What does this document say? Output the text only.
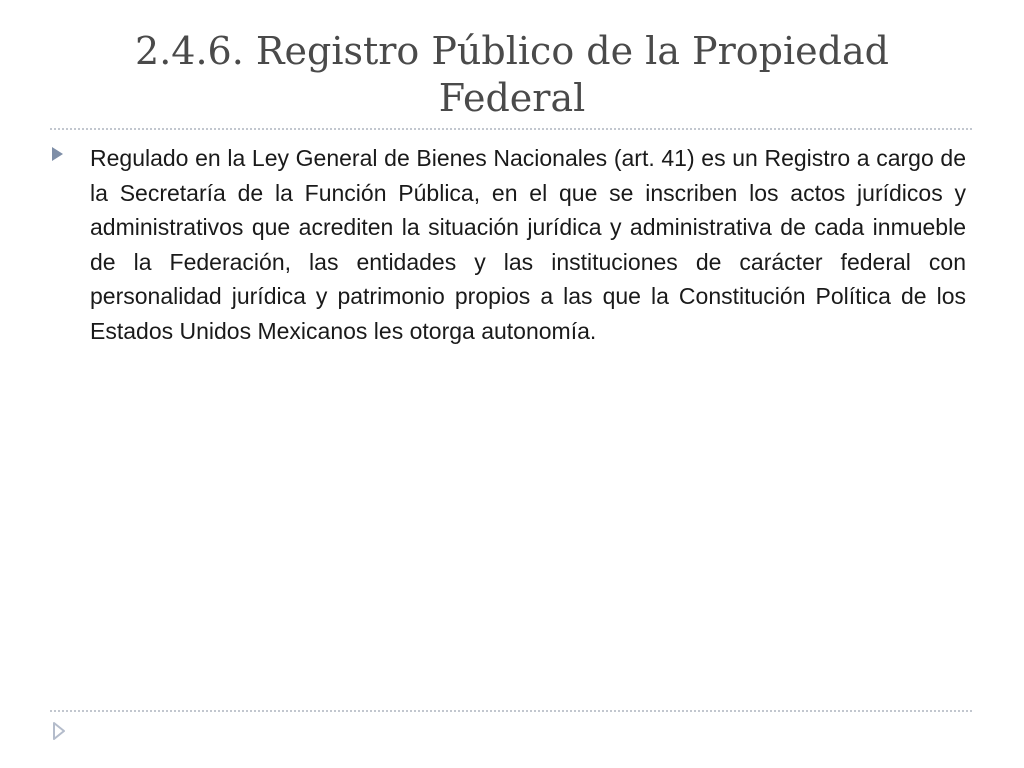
2.4.6. Registro Público de la Propiedad Federal

Regulado en la Ley General de Bienes Nacionales (art. 41) es un Registro a cargo de la Secretaría de la Función Pública, en el que se inscriben los actos jurídicos y administrativos que acrediten la situación jurídica y administrativa de cada inmueble de la Federación, las entidades y las instituciones de carácter federal con personalidad jurídica y patrimonio propios a las que la Constitución Política de los Estados Unidos Mexicanos les otorga autonomía.
